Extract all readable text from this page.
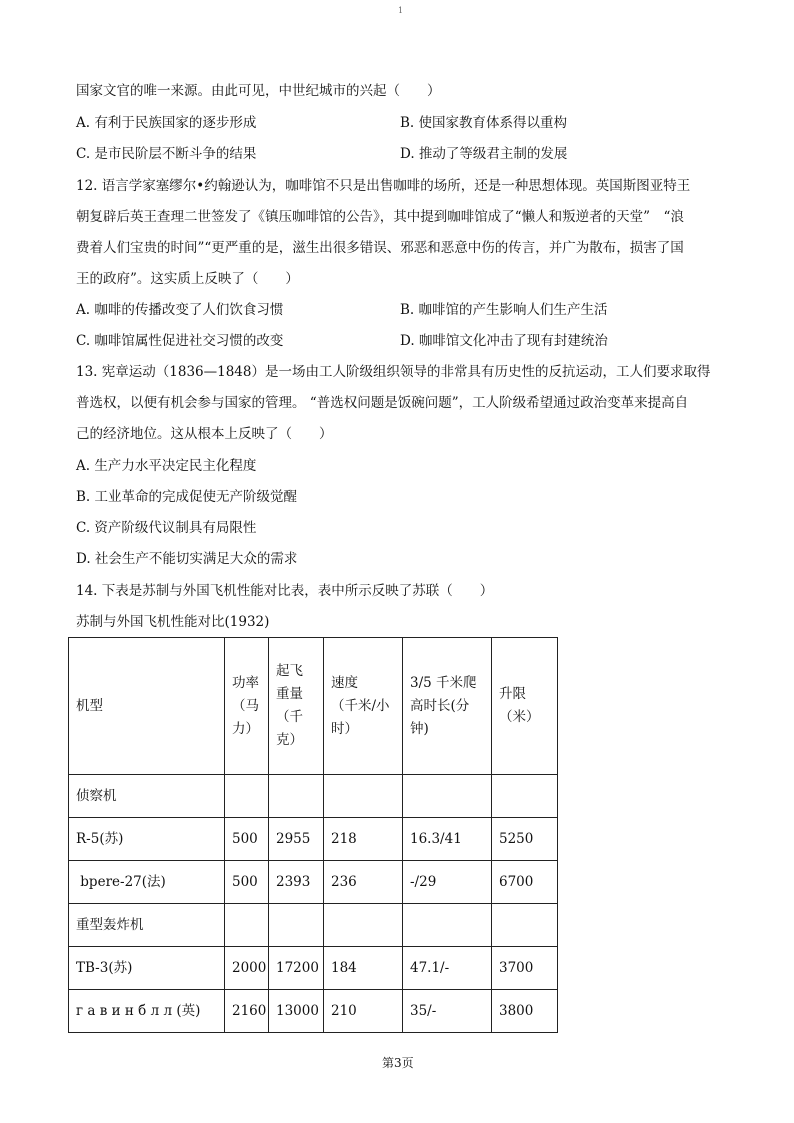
1
国家文官的唯一来源。由此可见，中世纪城市的兴起（　　）
A. 有利于民族国家的逐步形成	B. 使国家教育体系得以重构
C. 是市民阶层不断斗争的结果	D. 推动了等级君主制的发展
12. 语言学家塞缪尔•约翰逊认为，咖啡馆不只是出售咖啡的场所，还是一种思想体现。英国斯图亚特王
朝复辟后英王查理二世签发了《镇压咖啡馆的公告》，其中提到咖啡馆成了“懒人和叛逆者的天堂”　“浪
费着人们宝贵的时间”“更严重的是，滋生出很多错误、邪恶和恶意中伤的传言，并广为散布，损害了国
王的政府”。这实质上反映了（　　）
A. 咖啡的传播改变了人们饮食习惯	B. 咖啡馆的产生影响人们生产生活
C. 咖啡馆属性促进社交习惯的改变	D. 咖啡馆文化冲击了现有封建统治
13. 宪章运动（1836—1848）是一场由工人阶级组织领导的非常具有历史性的反抗运动，工人们要求取得
普选权，以便有机会参与国家的管理。 “普选权问题是饭碗问题”，工人阶级希望通过政治变革来提高自
己的经济地位。这从根本上反映了（　　）
A. 生产力水平决定民主化程度
B. 工业革命的完成促使无产阶级觉醒
C. 资产阶级代议制具有局限性
D. 社会生产不能切实满足大众的需求
14. 下表是苏制与外国飞机性能对比表，表中所示反映了苏联（　　）
苏制与外国飞机性能对比(1932)
机型	功率
（马
力）	起飞
重量
（千
克）	速度
（千米/小
时）	3/5 千米爬
高时长(分
钟)	升限
（米）

侦察机					
R-5(苏)	500	2955	218	16.3/41	5250
bpere-27(法)	500	2393	236	-/29	6700
重型轰炸机					
TB-3(苏)	2000	17200	184	47.1/-	3700
г а в и н б л л (英)	2160	13000	210	35/-	3800
第3页
